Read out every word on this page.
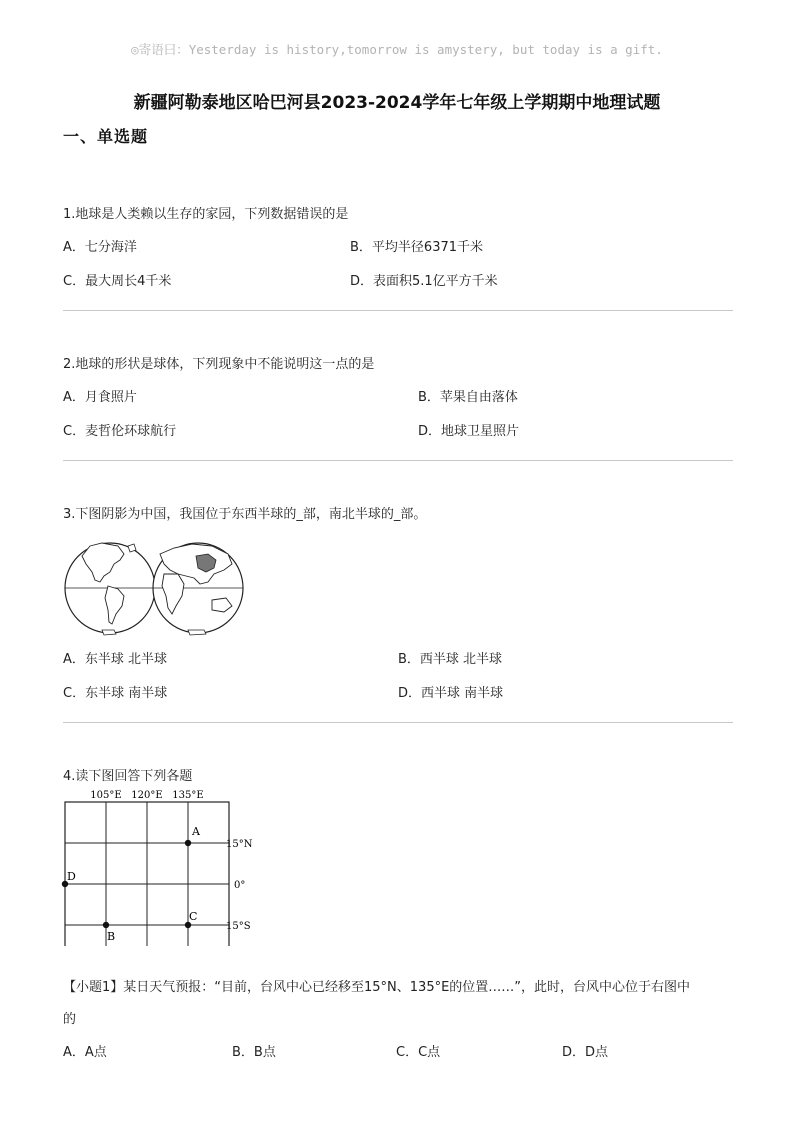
◎寄语曰：Yesterday is history,tomorrow is amystery, but today is a gift.
新疆阿勒泰地区哈巴河县2023-2024学年七年级上学期期中地理试题
一、单选题
1.地球是人类赖以生存的家园，下列数据错误的是
A．七分海洋	B．平均半径6371千米
C．最大周长4千米	D．表面积5.1亿平方千米
2.地球的形状是球体，下列现象中不能说明这一点的是
A．月食照片	B．苹果自由落体
C．麦哲伦环球航行	D．地球卫星照片
3.下图阴影为中国，我国位于东西半球的_部，南北半球的_部。
A．东半球 北半球	B．西半球 北半球
C．东半球 南半球	D．西半球 南半球
4.读下图回答下列各题
105°E 120°E 135°E
15°N
0°
15°S
A
B
C
D
【小题1】某日天气预报：“目前，台风中心已经移至15°N、135°E的位置……”，此时，台风中心位于右图中
的
A．A点	B．B点	C．C点	D．D点
